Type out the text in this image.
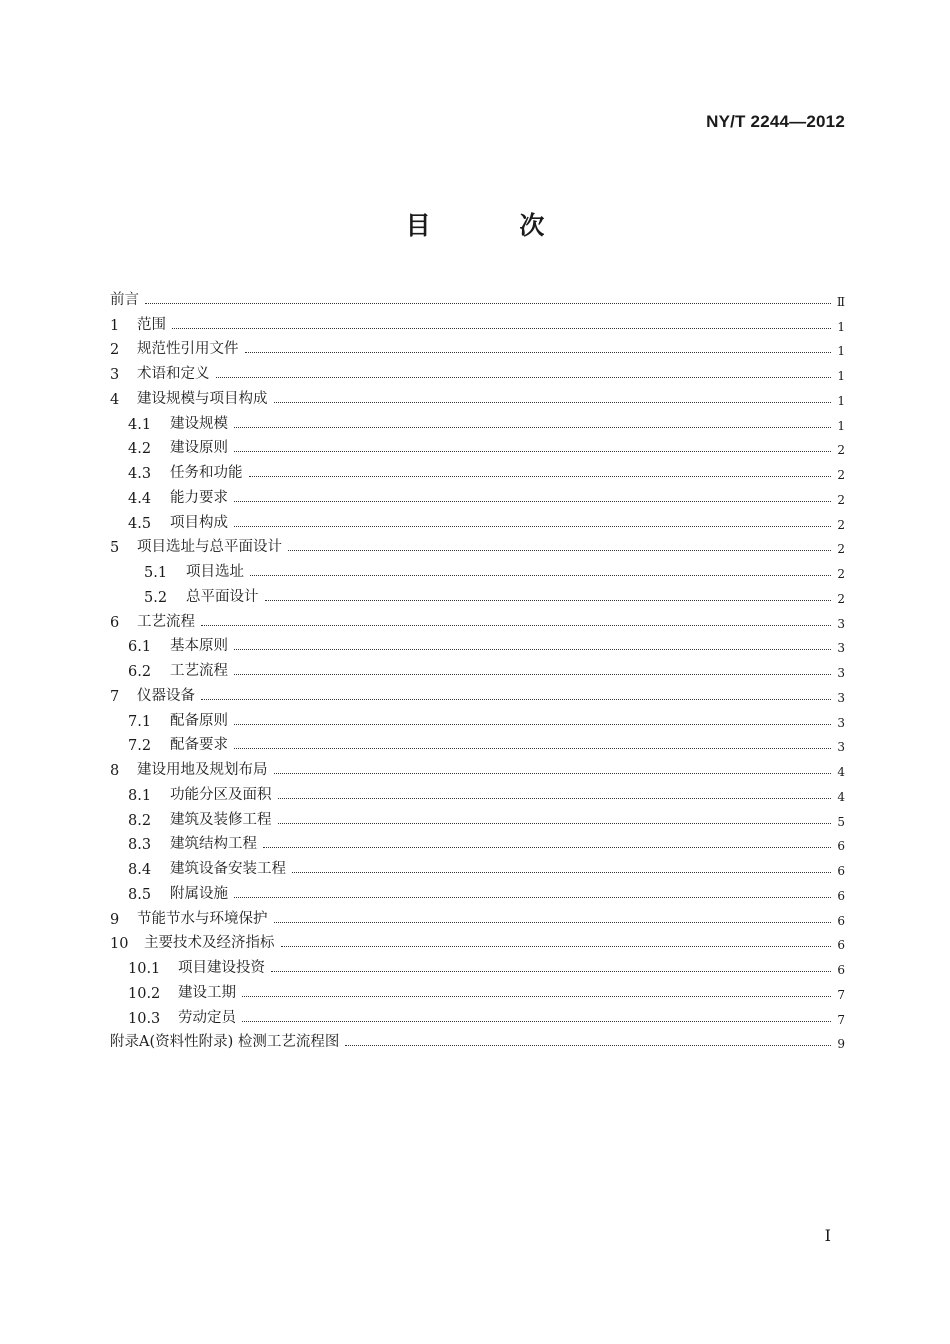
NY/T 2244—2012
目 次
前言	Ⅱ
1	范围	1
2	规范性引用文件	1
3	术语和定义	1
4	建设规模与项目构成	1
4.1	建设规模	1
4.2	建设原则	2
4.3	任务和功能	2
4.4	能力要求	2
4.5	项目构成	2
5	项目选址与总平面设计	2
5.1	项目选址	2
5.2	总平面设计	2
6	工艺流程	3
6.1	基本原则	3
6.2	工艺流程	3
7	仪器设备	3
7.1	配备原则	3
7.2	配备要求	3
8	建设用地及规划布局	4
8.1	功能分区及面积	4
8.2	建筑及装修工程	5
8.3	建筑结构工程	6
8.4	建筑设备安装工程	6
8.5	附属设施	6
9	节能节水与环境保护	6
10	主要技术及经济指标	6
10.1	项目建设投资	6
10.2	建设工期	7
10.3	劳动定员	7
附录A(资料性附录) 检测工艺流程图	9
I
